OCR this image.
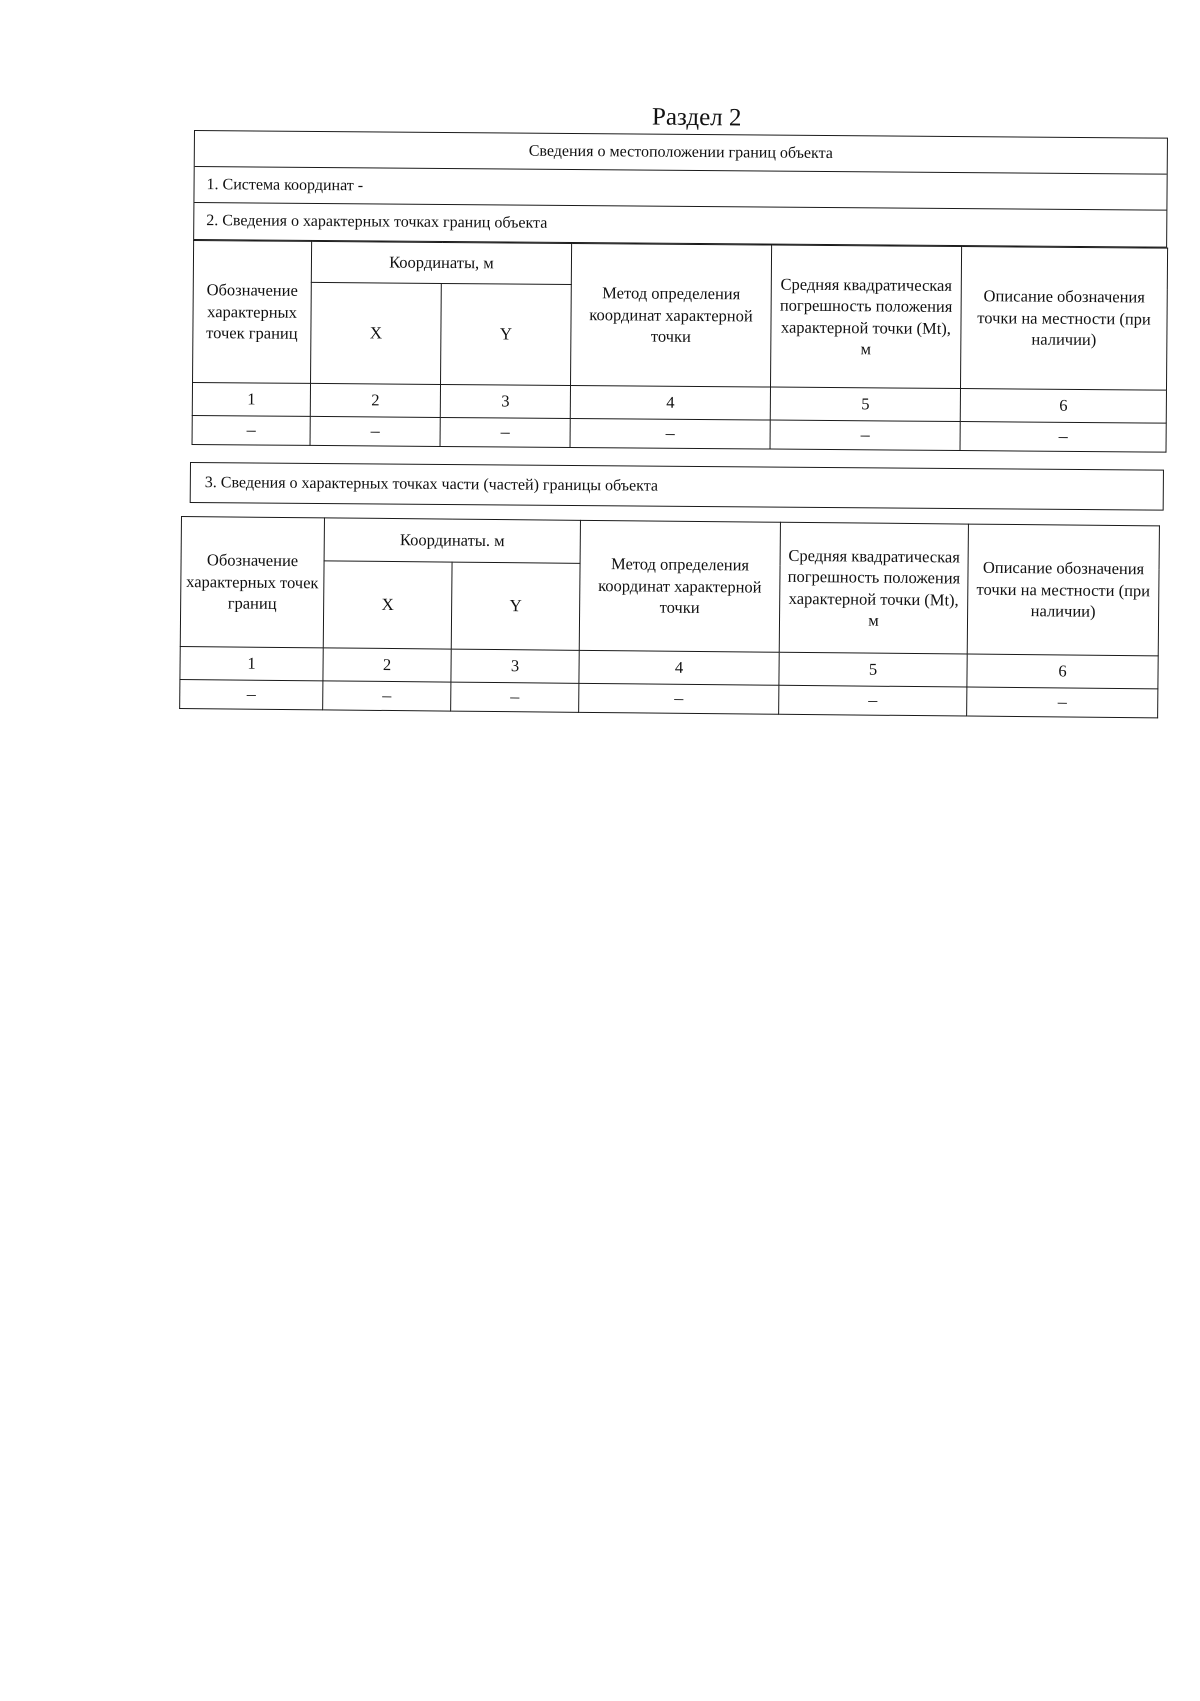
Раздел 2
Сведения о местоположении границ объекта
1. Система координат -
2. Сведения о характерных точках границ объекта
Обозначение характерных точек границ	Координаты, м		Метод определения координат характерной точки	Средняя квадратическая погрешность положения характерной точки (Mt), м	Описание обозначения точки на местности (при наличии)
	X	Y			
1	2	3	4	5	6
–	–	–	–	–	–
3. Сведения о характерных точках части (частей) границы объекта
Обозначение характерных точек границ	Координаты. м		Метод определения координат характерной точки	Средняя квадратическая погрешность положения характерной точки (Mt), м	Описание обозначения точки на местности (при наличии)
	X	Y			
1	2	3	4	5	6
–	–	–	–	–	–
